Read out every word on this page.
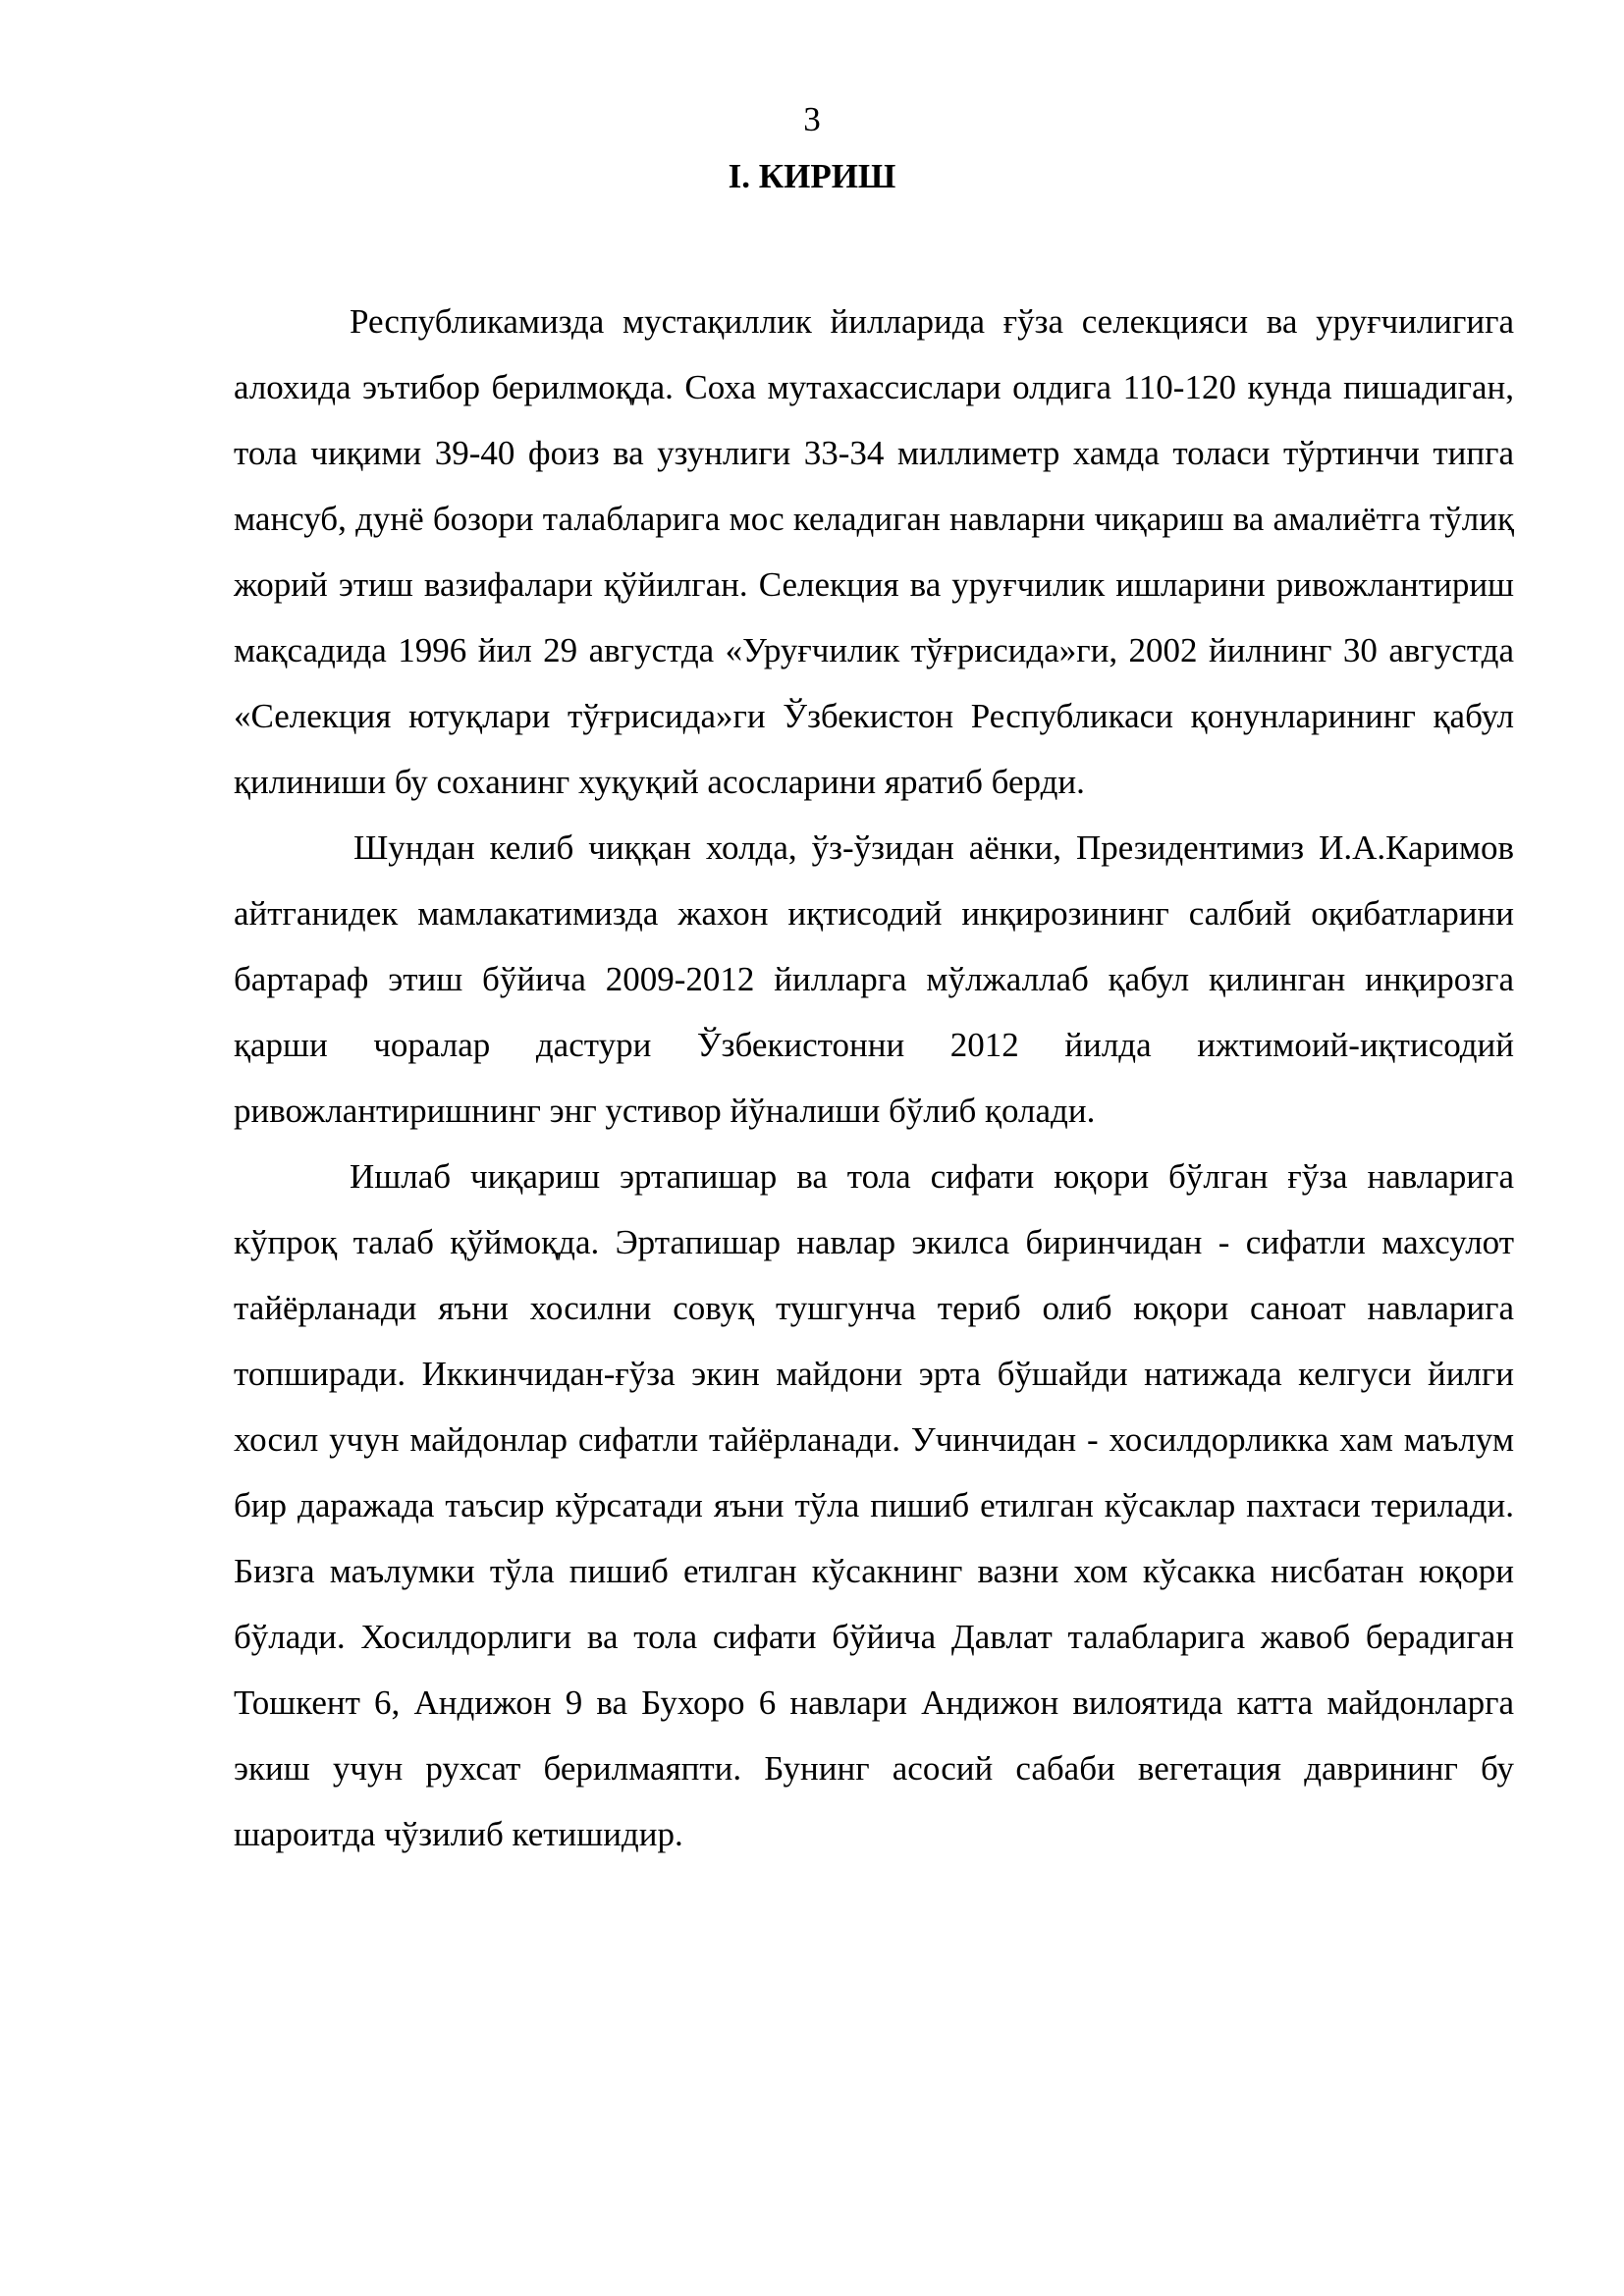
3

I. КИРИШ

Республикамизда мустақиллик йилларида ғўза селекцияси ва уруғчилигига алохида эътибор берилмоқда. Соха мутахассислари олдига 110-120 кунда пишадиган, тола чиқими 39-40 фоиз ва узунлиги 33-34 миллиметр хамда толаси тўртинчи типга мансуб, дунё бозори талабларига мос келадиган навларни чиқариш ва амалиётга тўлиқ жорий этиш вазифалари қўйилган. Селекция ва уруғчилик ишларини ривожлантириш мақсадида 1996 йил 29 августда «Уруғчилик тўғрисида»ги, 2002 йилнинг 30 августда «Селекция ютуқлари тўғрисида»ги Ўзбекистон Республикаси қонунларининг қабул қилиниши бу сохaнинг хуқуқий асосларини яратиб берди.

Шундан келиб чиққан холда, ўз-ўзидан аёнки, Президентимиз И.А.Каримов айтганидек мамлакатимизда жахон иқтисодий инқирозининг салбий оқибатларини бартараф этиш бўйича 2009-2012 йилларга мўлжаллаб қабул қилинган инқирозга қарши чоралар дастури Ўзбекистонни 2012 йилда ижтимоий-иқтисодий ривожлантиришнинг энг устивор йўналиши бўлиб қолади.

Ишлаб чиқариш эртапишар ва тола сифати юқори бўлган ғўза навларига кўпроқ талаб қўймоқда. Эртапишар навлар экилса биринчидан - сифатли махсулот тайёрланади яъни хосилни совуқ тушгунча териб олиб юқори саноат навларига топширади. Иккинчидан-ғўза экин майдони эрта бўшайди натижада келгуси йилги хосил учун майдонлар сифатли тайёрланади. Учинчидан - хосилдорликка хам маълум бир даражада таъсир кўрсатади яъни тўла пишиб етилган кўсаклар пахтаси терилади. Бизга маълумки тўла пишиб етилган кўсакнинг вазни хом кўсакка нисбатан юқори бўлади. Хосилдорлиги ва тола сифати бўйича Давлат талабларига жавоб берадиган Тошкент 6, Андижон 9 ва Бухоро 6 навлари Андижон вилоятида катта майдонларга экиш учун рухсат берилмаяпти. Бунинг асосий сабаби вегетация даврининг бу шароитда чўзилиб кетишидир.
